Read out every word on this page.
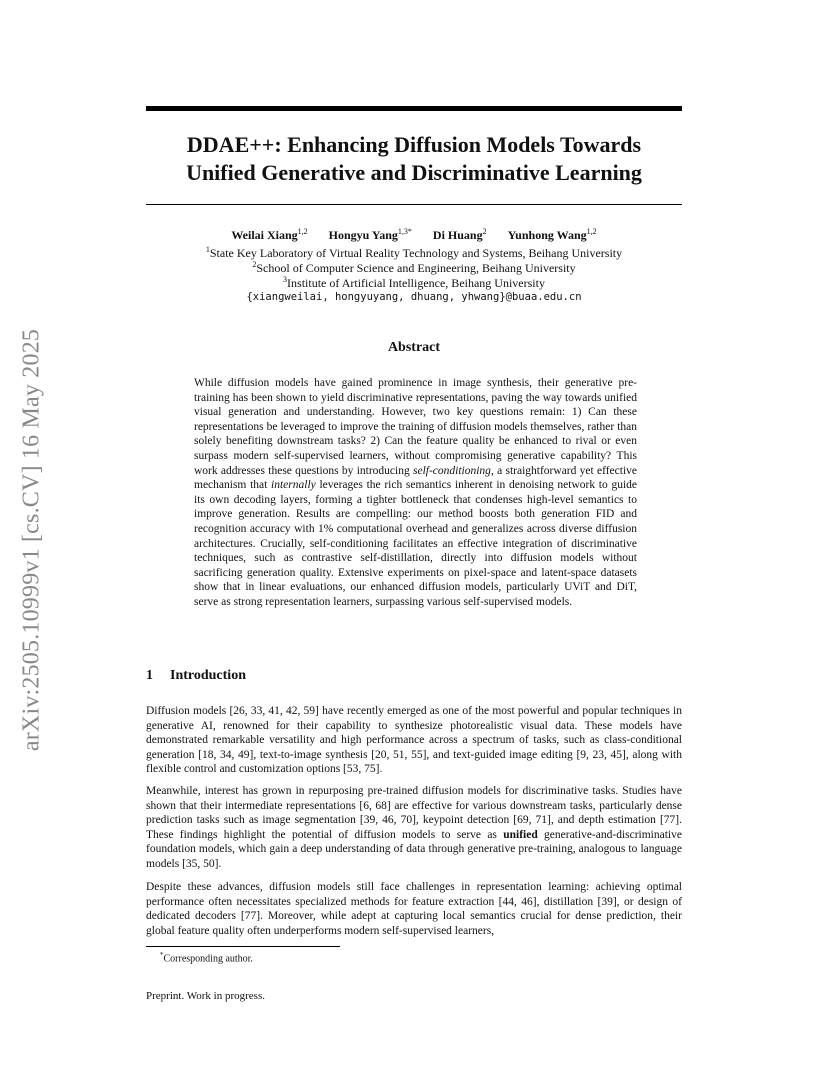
arXiv:2505.10999v1 [cs.CV] 16 May 2025
DDAE++: Enhancing Diffusion Models Towards
Unified Generative and Discriminative Learning
Weilai Xiang$^{1,2}$ Hongyu Yang$^{1,3*}$ Di Huang$^2$ Yunhong Wang$^{1,2}$
$^1$State Key Laboratory of Virtual Reality Technology and Systems, Beihang University
$^2$School of Computer Science and Engineering, Beihang University
$^3$Institute of Artificial Intelligence, Beihang University
{xiangweilai, hongyuyang, dhuang, yhwang}@buaa.edu.cn
Abstract
While diffusion models have gained prominence in image synthesis, their generative pre-training has been shown to yield discriminative representations, paving the way towards unified visual generation and understanding. However, two key questions remain: 1) Can these representations be leveraged to improve the training of diffusion models themselves, rather than solely benefiting downstream tasks? 2) Can the feature quality be enhanced to rival or even surpass modern self-supervised learners, without compromising generative capability? This work addresses these questions by introducing self-conditioning, a straightforward yet effective mechanism that internally leverages the rich semantics inherent in denoising network to guide its own decoding layers, forming a tighter bottleneck that condenses high-level semantics to improve generation. Results are compelling: our method boosts both generation FID and recognition accuracy with 1% computational overhead and generalizes across diverse diffusion architectures. Crucially, self-conditioning facilitates an effective integration of discriminative techniques, such as contrastive self-distillation, directly into diffusion models without sacrificing generation quality. Extensive experiments on pixel-space and latent-space datasets show that in linear evaluations, our enhanced diffusion models, particularly UViT and DiT, serve as strong representation learners, surpassing various self-supervised models.
1 Introduction
Diffusion models [26, 33, 41, 42, 59] have recently emerged as one of the most powerful and popular techniques in generative AI, renowned for their capability to synthesize photorealistic visual data. These models have demonstrated remarkable versatility and high performance across a spectrum of tasks, such as class-conditional generation [18, 34, 49], text-to-image synthesis [20, 51, 55], and text-guided image editing [9, 23, 45], along with flexible control and customization options [53, 75].
Meanwhile, interest has grown in repurposing pre-trained diffusion models for discriminative tasks. Studies have shown that their intermediate representations [6, 68] are effective for various downstream tasks, particularly dense prediction tasks such as image segmentation [39, 46, 70], keypoint detection [69, 71], and depth estimation [77]. These findings highlight the potential of diffusion models to serve as unified generative-and-discriminative foundation models, which gain a deep understanding of data through generative pre-training, analogous to language models [35, 50].
Despite these advances, diffusion models still face challenges in representation learning: achieving optimal performance often necessitates specialized methods for feature extraction [44, 46], distillation [39], or design of dedicated decoders [77]. Moreover, while adept at capturing local semantics crucial for dense prediction, their global feature quality often underperforms modern self-supervised learners,
*Corresponding author.
Preprint. Work in progress.
